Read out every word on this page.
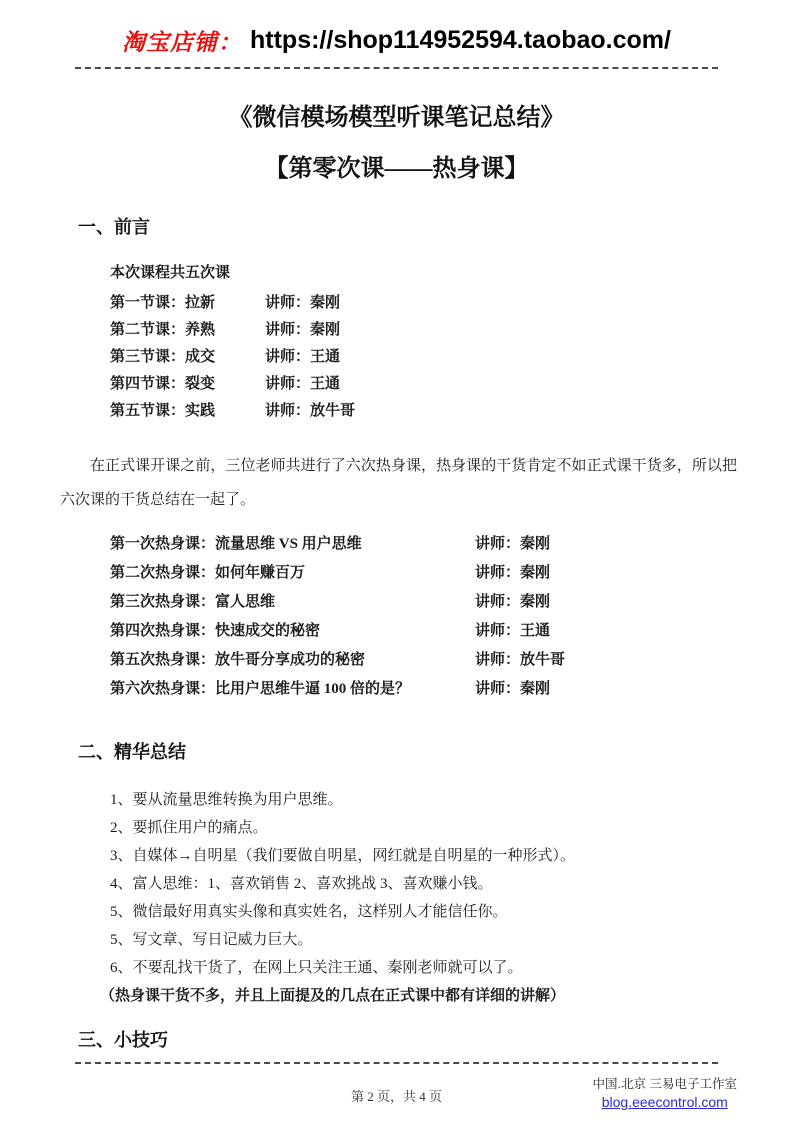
淘宝店铺： https://shop114952594.taobao.com/
《微信模场模型听课笔记总结》
【第零次课——热身课】
一、前言
本次课程共五次课
第一节课：拉新	讲师：秦刚
第二节课：养熟	讲师：秦刚
第三节课：成交	讲师：王通
第四节课：裂变	讲师：王通
第五节课：实践	讲师：放牛哥
在正式课开课之前，三位老师共进行了六次热身课，热身课的干货肯定不如正式课干货多，所以把六次课的干货总结在一起了。
第一次热身课：流量思维 VS 用户思维	讲师：秦刚
第二次热身课：如何年赚百万	讲师：秦刚
第三次热身课：富人思维	讲师：秦刚
第四次热身课：快速成交的秘密	讲师：王通
第五次热身课：放牛哥分享成功的秘密	讲师：放牛哥
第六次热身课：比用户思维牛逼 100 倍的是？	讲师：秦刚
二、精华总结
1、要从流量思维转换为用户思维。
2、要抓住用户的痛点。
3、自媒体→自明星（我们要做自明星，网红就是自明星的一种形式）。
4、富人思维：1、喜欢销售 2、喜欢挑战 3、喜欢赚小钱。
5、微信最好用真实头像和真实姓名，这样别人才能信任你。
5、写文章、写日记威力巨大。
6、不要乱找干货了，在网上只关注王通、秦刚老师就可以了。
（热身课干货不多，并且上面提及的几点在正式课中都有详细的讲解）
三、小技巧
第 2 页，共 4 页
中国.北京 三易电子工作室
blog.eeecontrol.com
